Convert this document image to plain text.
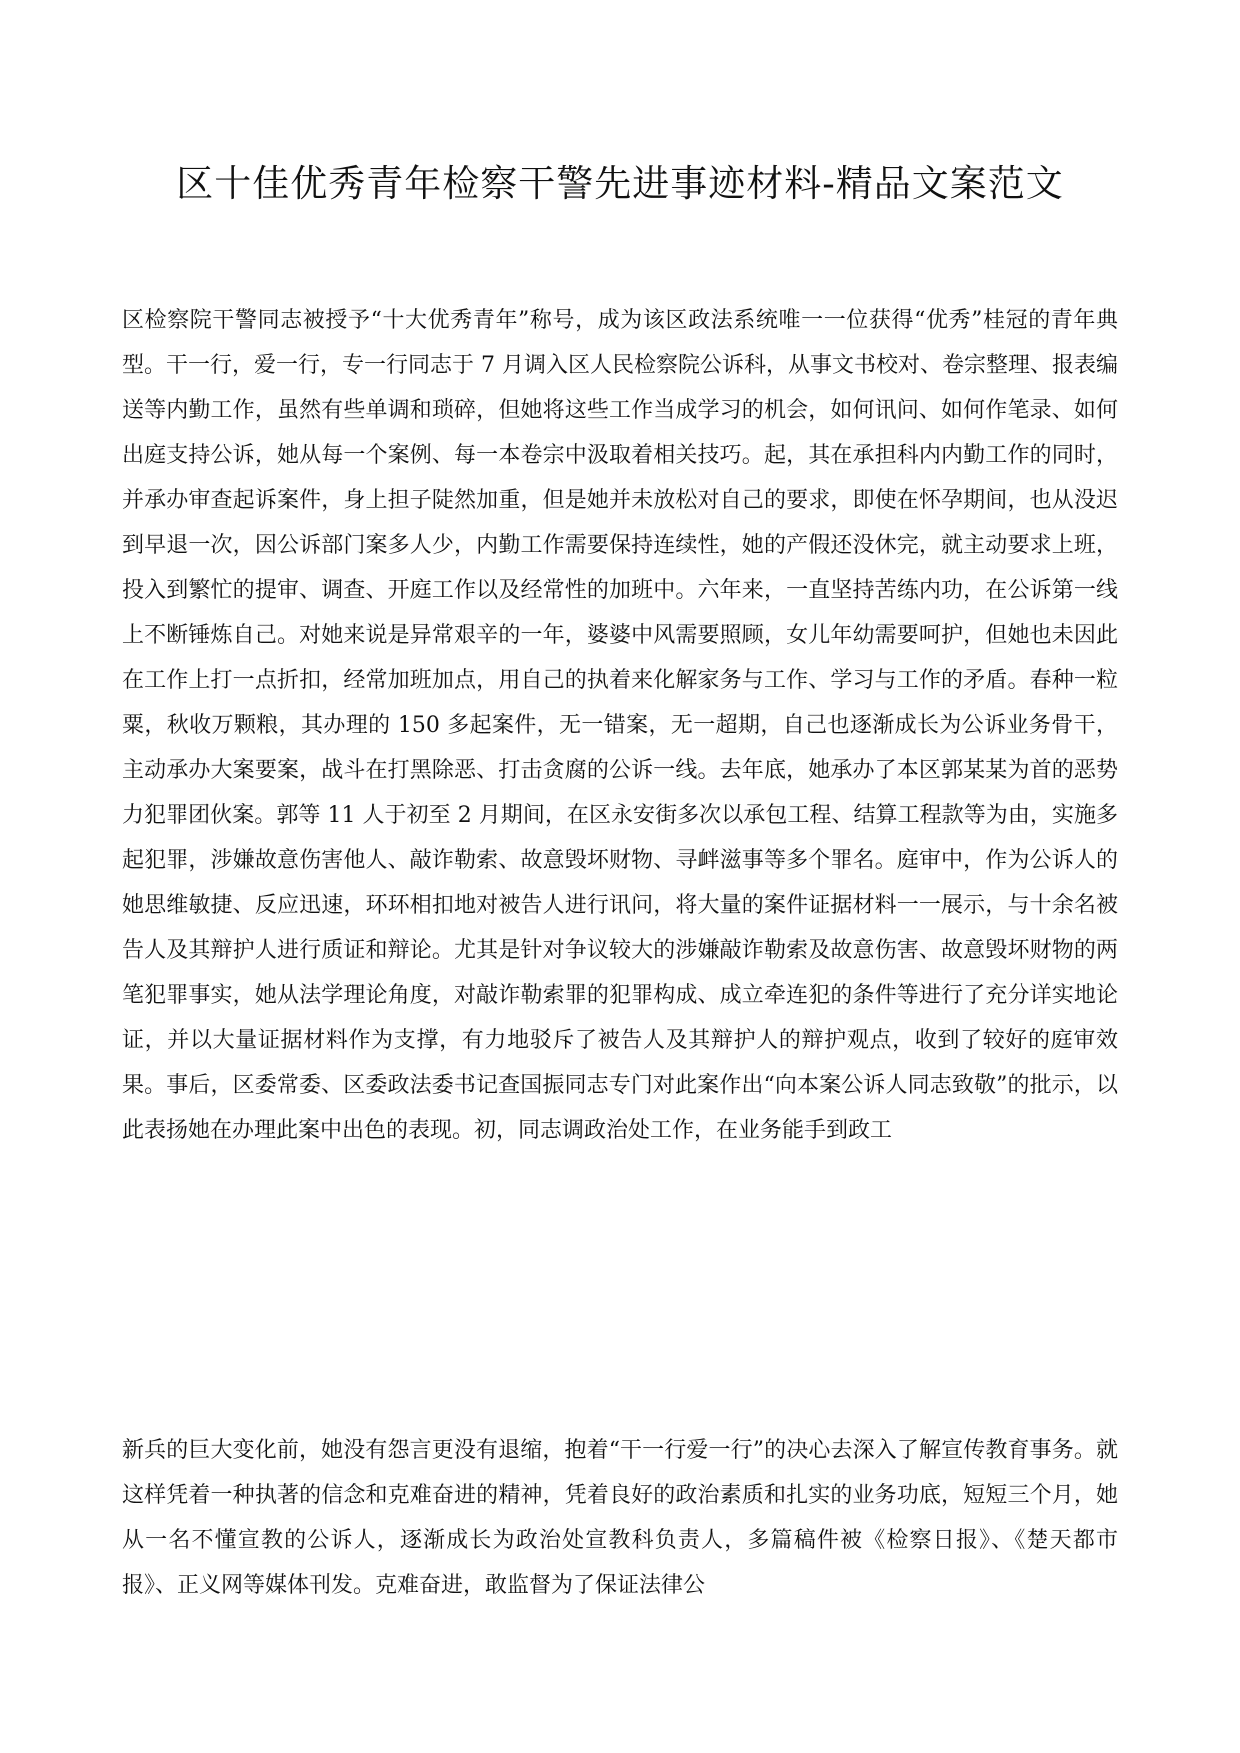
区十佳优秀青年检察干警先进事迹材料-精品文案范文

区检察院干警同志被授予“十大优秀青年”称号，成为该区政法系统唯一一位获得“优秀”桂冠的青年典型。干一行，爱一行，专一行同志于 7 月调入区人民检察院公诉科，从事文书校对、卷宗整理、报表编送等内勤工作，虽然有些单调和琐碎，但她将这些工作当成学习的机会，如何讯问、如何作笔录、如何出庭支持公诉，她从每一个案例、每一本卷宗中汲取着相关技巧。起，其在承担科内内勤工作的同时，并承办审查起诉案件，身上担子陡然加重，但是她并未放松对自己的要求，即使在怀孕期间，也从没迟到早退一次，因公诉部门案多人少，内勤工作需要保持连续性，她的产假还没休完，就主动要求上班，投入到繁忙的提审、调查、开庭工作以及经常性的加班中。六年来，一直坚持苦练内功，在公诉第一线上不断锤炼自己。对她来说是异常艰辛的一年，婆婆中风需要照顾，女儿年幼需要呵护，但她也未因此在工作上打一点折扣，经常加班加点，用自己的执着来化解家务与工作、学习与工作的矛盾。春种一粒粟，秋收万颗粮，其办理的 150 多起案件，无一错案，无一超期，自己也逐渐成长为公诉业务骨干，主动承办大案要案，战斗在打黑除恶、打击贪腐的公诉一线。去年底，她承办了本区郭某某为首的恶势力犯罪团伙案。郭等 11 人于初至 2 月期间，在区永安街多次以承包工程、结算工程款等为由，实施多起犯罪，涉嫌故意伤害他人、敲诈勒索、故意毁坏财物、寻衅滋事等多个罪名。庭审中，作为公诉人的她思维敏捷、反应迅速，环环相扣地对被告人进行讯问，将大量的案件证据材料一一展示，与十余名被告人及其辩护人进行质证和辩论。尤其是针对争议较大的涉嫌敲诈勒索及故意伤害、故意毁坏财物的两笔犯罪事实，她从法学理论角度，对敲诈勒索罪的犯罪构成、成立牵连犯的条件等进行了充分详实地论证，并以大量证据材料作为支撑，有力地驳斥了被告人及其辩护人的辩护观点，收到了较好的庭审效果。事后，区委常委、区委政法委书记查国振同志专门对此案作出“向本案公诉人同志致敬”的批示，以此表扬她在办理此案中出色的表现。初，同志调政治处工作，在业务能手到政工

新兵的巨大变化前，她没有怨言更没有退缩，抱着“干一行爱一行”的决心去深入了解宣传教育事务。就这样凭着一种执著的信念和克难奋进的精神，凭着良好的政治素质和扎实的业务功底，短短三个月，她从一名不懂宣教的公诉人，逐渐成长为政治处宣教科负责人，多篇稿件被《检察日报》、《楚天都市报》、正义网等媒体刊发。克难奋进，敢监督为了保证法律公
